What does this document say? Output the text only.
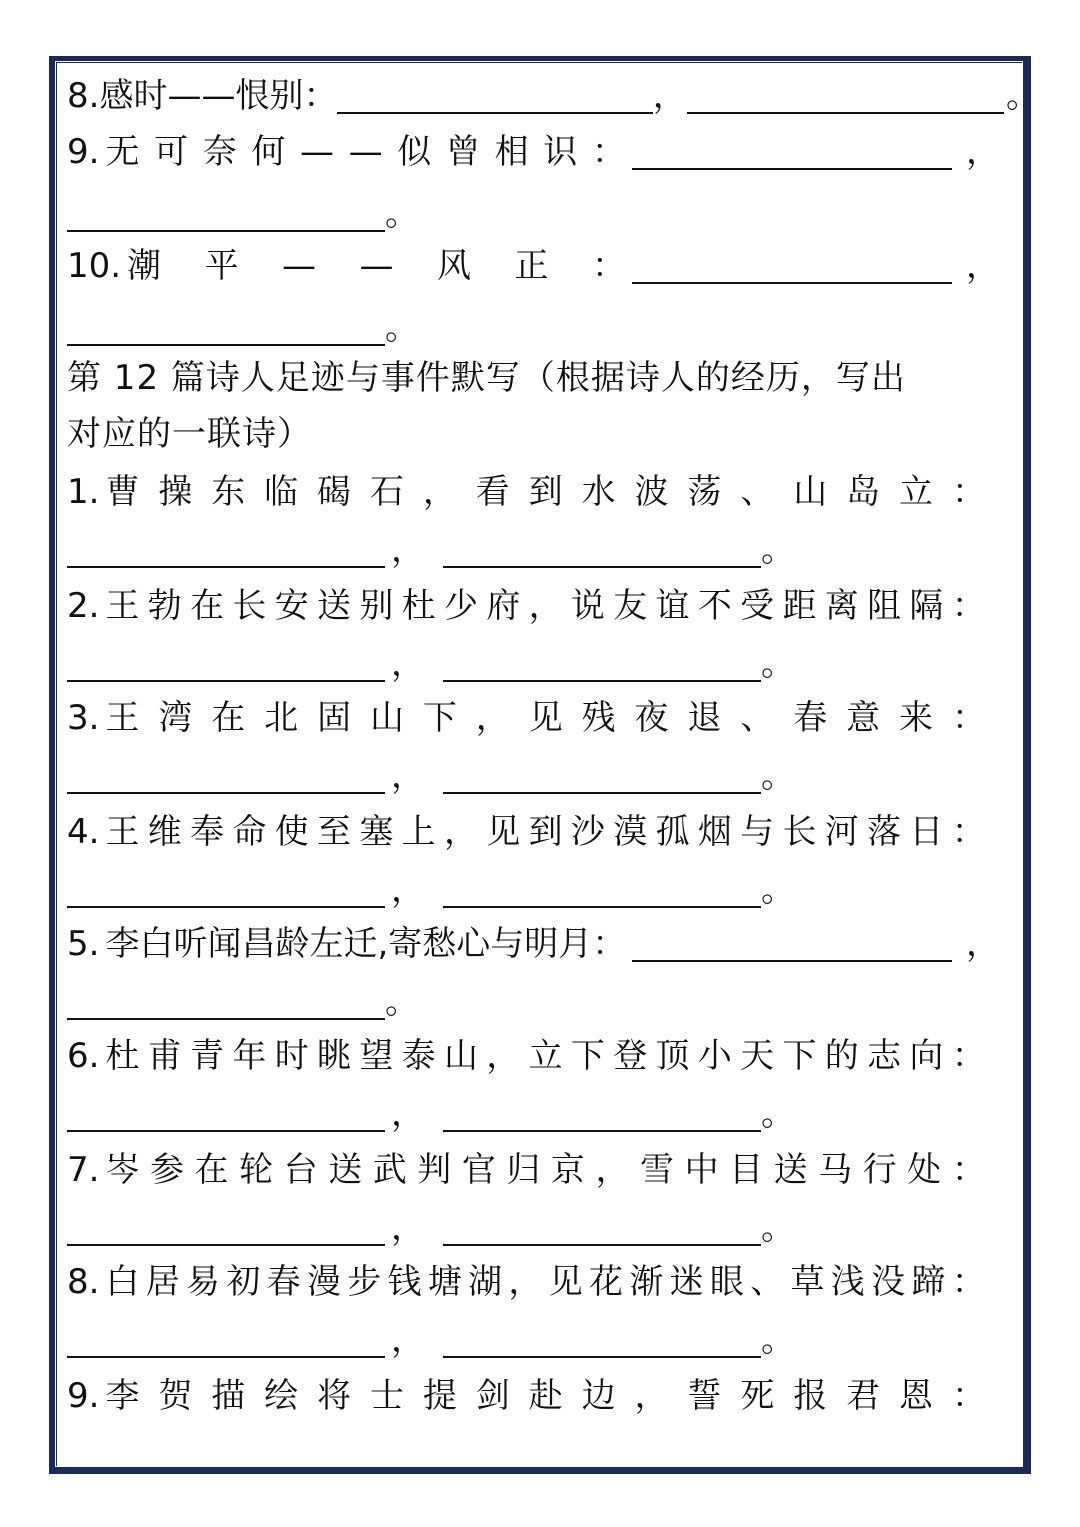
8. 感时——恨别：	，	。
9. 无 可 奈 何 — — 似 曾 相 识 ：	，
。
10. 潮 平 — — 风 正 ：	，
。
第 12 篇诗人足迹与事件默写（根据诗人的经历，写出
对应的一联诗）
1. 曹 操 东 临 碣 石 ， 看 到 水 波 荡 、 山 岛 立 ：
，	。
2. 王 勃 在 长 安 送 别 杜 少 府 ， 说 友 谊 不 受 距 离 阻 隔 ：
，	。
3. 王 湾 在 北 固 山 下 ， 见 残 夜 退 、 春 意 来 ：
，	。
4. 王 维 奉 命 使 至 塞 上 ， 见 到 沙 漠 孤 烟 与 长 河 落 日 ：
，	。
5. 李 白 听 闻 昌 龄 左 迁 , 寄 愁 心 与 明 月 ：	，
。
6. 杜 甫 青 年 时 眺 望 泰 山 ， 立 下 登 顶 小 天 下 的 志 向 ：
，	。
7. 岑 参 在 轮 台 送 武 判 官 归 京 ， 雪 中 目 送 马 行 处 ：
，	。
8. 白 居 易 初 春 漫 步 钱 塘 湖 ， 见 花 渐 迷 眼 、 草 浅 没 蹄 ：
，	。
9. 李 贺 描 绘 将 士 提 剑 赴 边 ， 誓 死 报 君 恩 ：
